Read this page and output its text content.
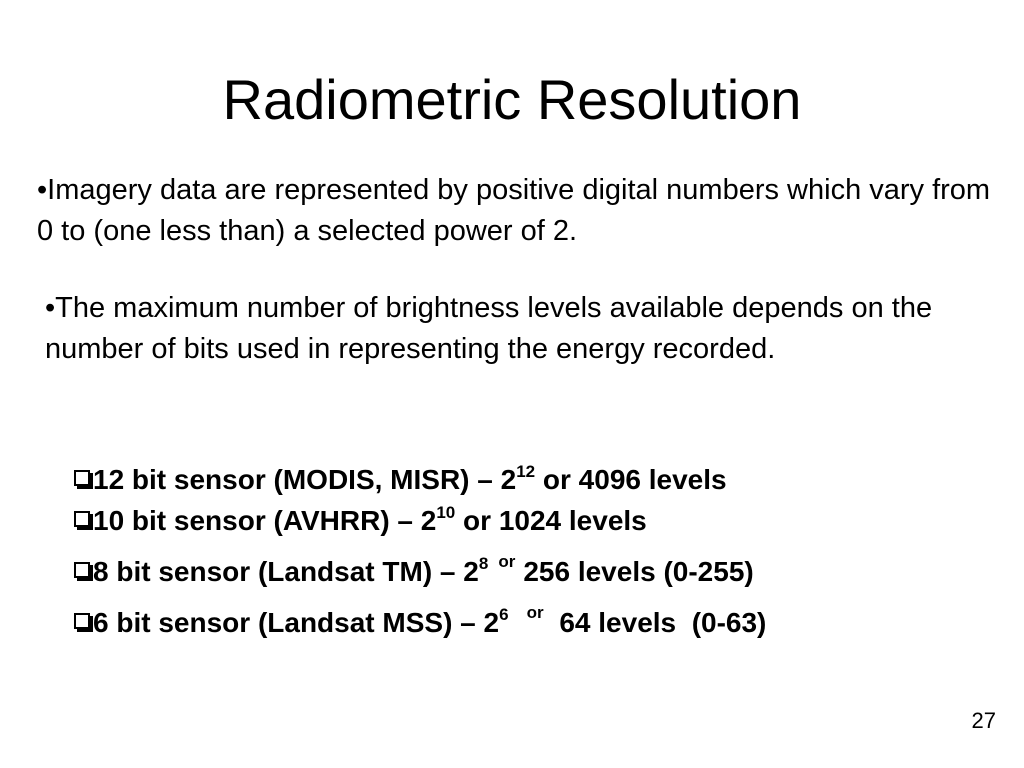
Radiometric Resolution
•Imagery data are represented by positive digital numbers which vary from 0 to (one less than) a selected power of 2.
•The maximum number of brightness levels available depends on the number of bits used in representing the energy recorded.
12 bit sensor (MODIS, MISR) – $2^{12}$ or 4096 levels
10 bit sensor (AVHRR) – $2^{10}$ or 1024 levels
8 bit sensor (Landsat $TM) - 2^8$ $^{or}$ 256 levels (0-255)
6 bit sensor (Landsat $MSS) - 2^6$ $^{or}$ 64 levels  (0-63)
27
